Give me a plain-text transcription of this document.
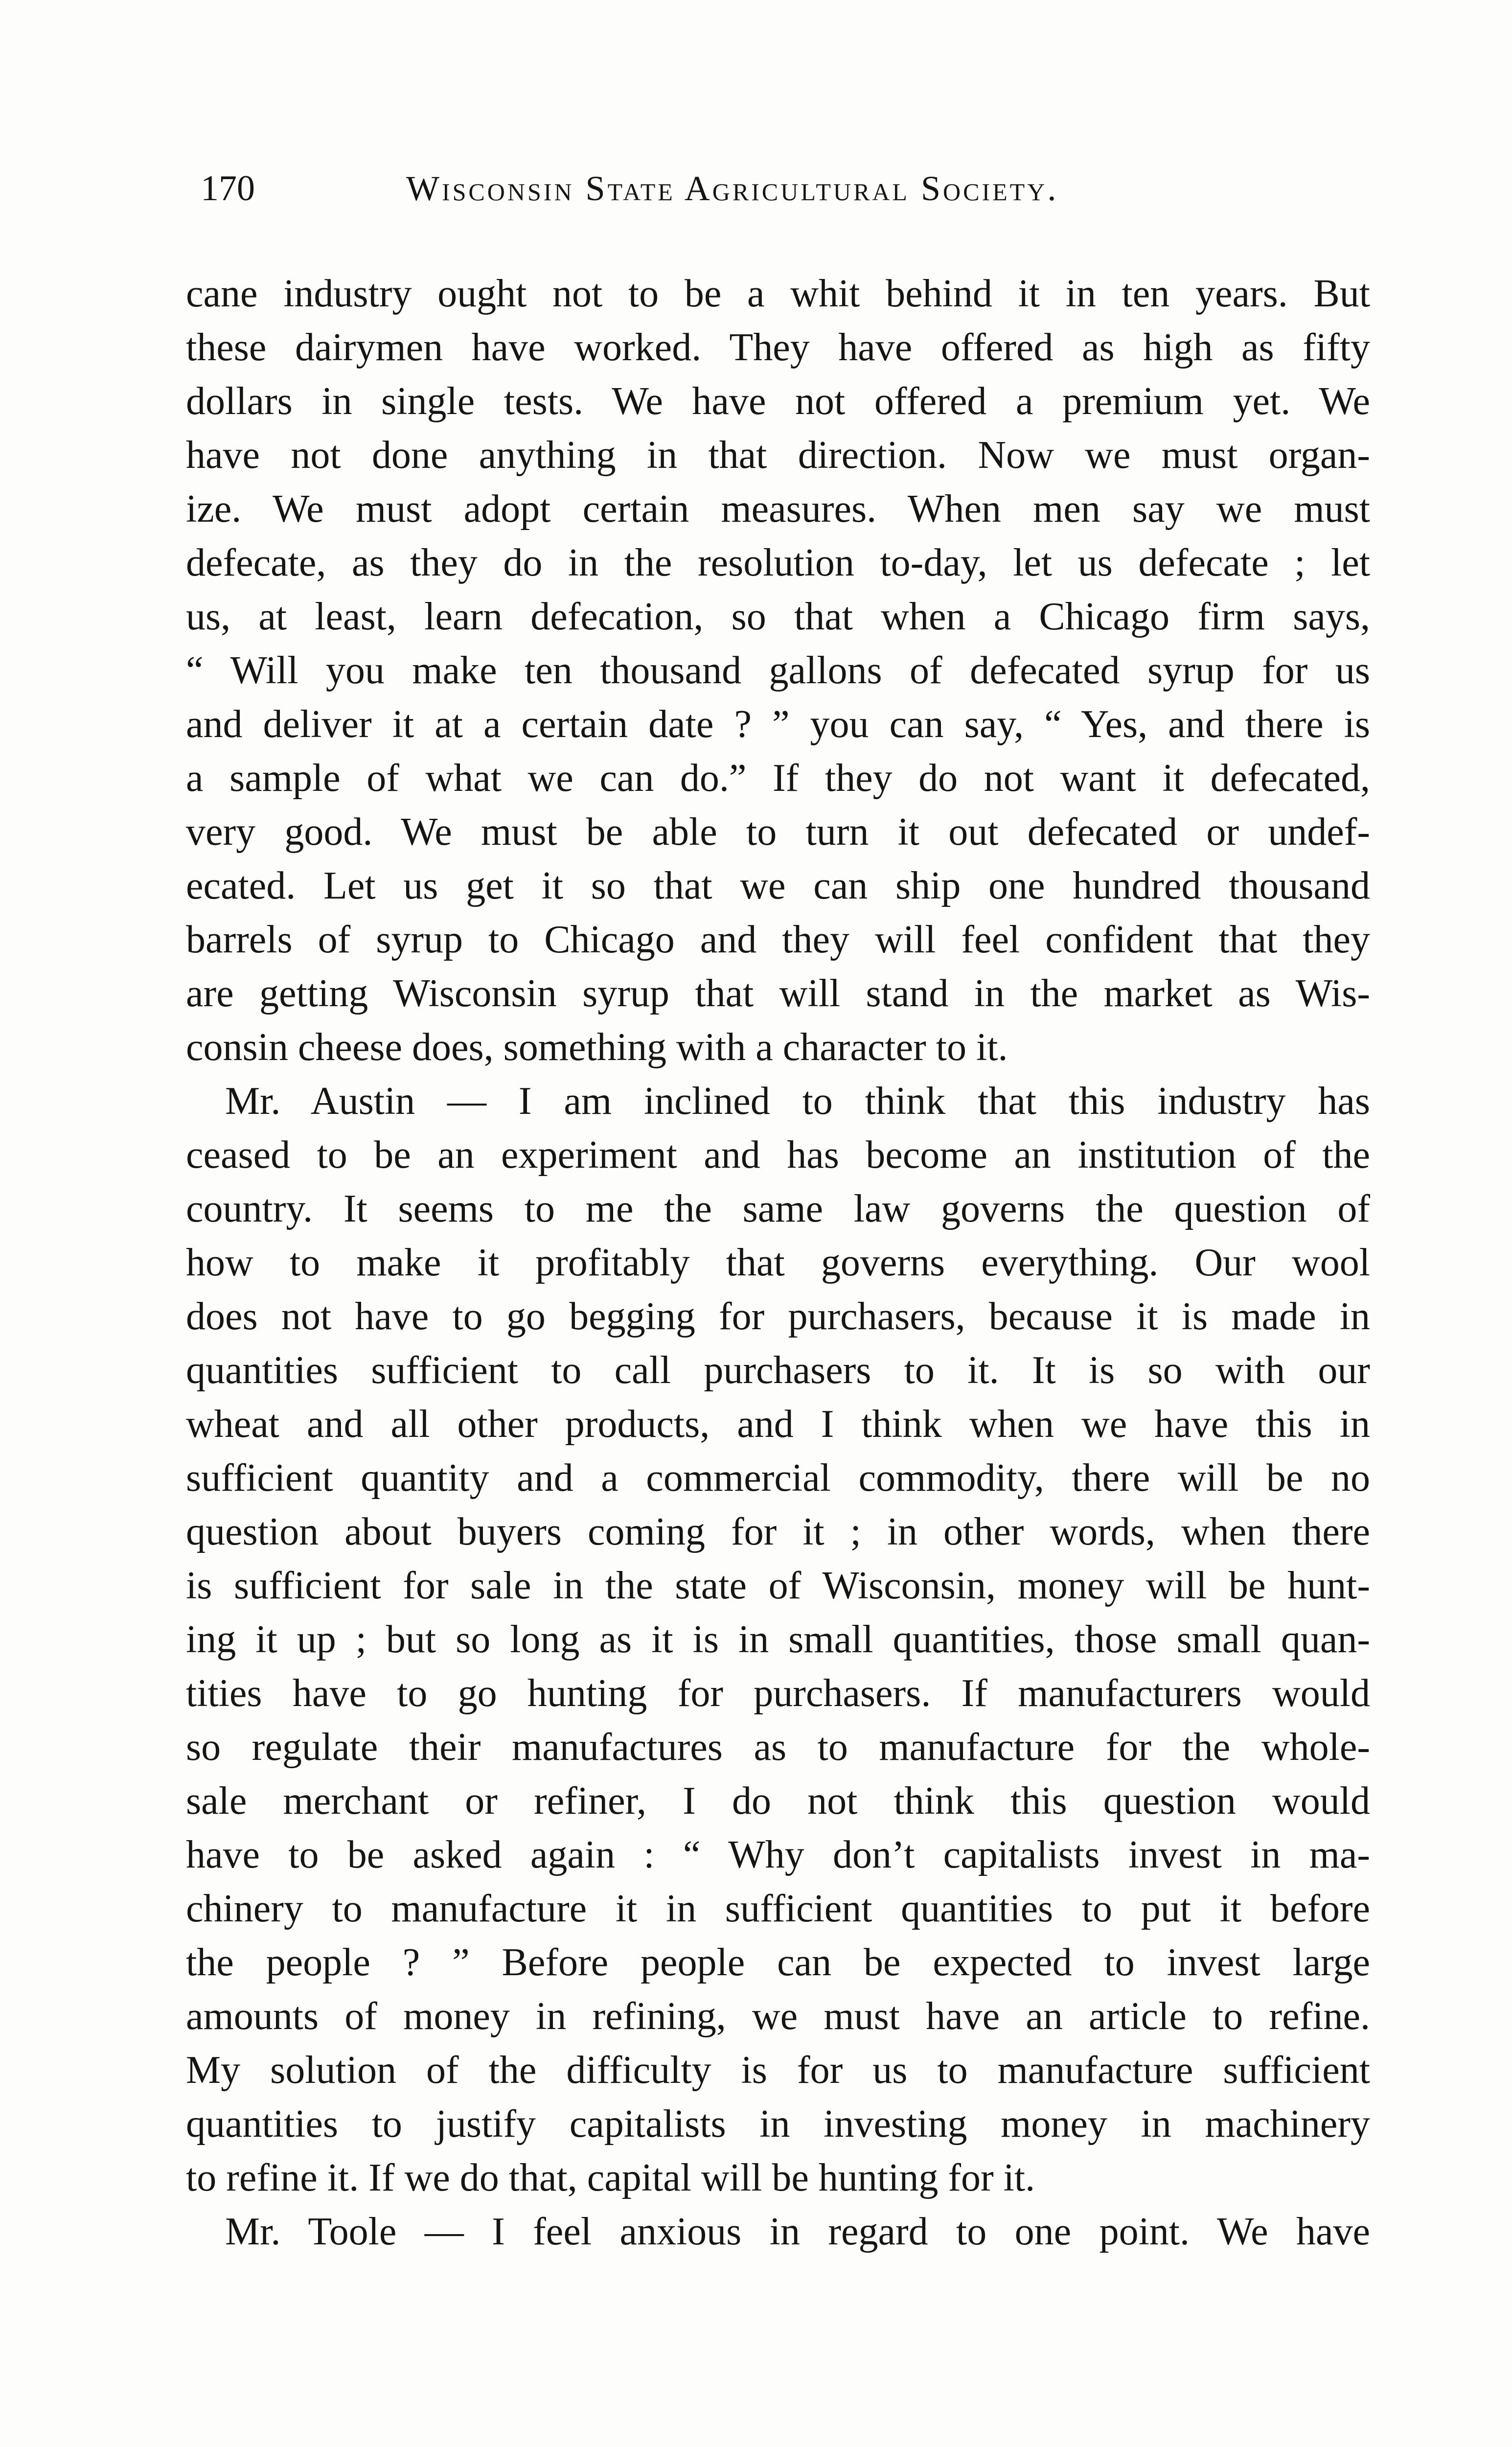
170	Wisconsin State Agricultural Society.
cane industry ought not to be a whit behind it in ten years. But
these dairymen have worked. They have offered as high as fifty
dollars in single tests. We have not offered a premium yet. We
have not done anything in that direction. Now we must organ-
ize. We must adopt certain measures. When men say we must
defecate, as they do in the resolution to-day, let us defecate ; let
us, at least, learn defecation, so that when a Chicago firm says,
“ Will you make ten thousand gallons of defecated syrup for us
and deliver it at a certain date ? ” you can say, “ Yes, and there is
a sample of what we can do.” If they do not want it defecated,
very good. We must be able to turn it out defecated or undef-
ecated. Let us get it so that we can ship one hundred thousand
barrels of syrup to Chicago and they will feel confident that they
are getting Wisconsin syrup that will stand in the market as Wis-
consin cheese does, something with a character to it.
Mr. Austin — I am inclined to think that this industry has
ceased to be an experiment and has become an institution of the
country. It seems to me the same law governs the question of
how to make it profitably that governs everything. Our wool
does not have to go begging for purchasers, because it is made in
quantities sufficient to call purchasers to it. It is so with our
wheat and all other products, and I think when we have this in
sufficient quantity and a commercial commodity, there will be no
question about buyers coming for it ; in other words, when there
is sufficient for sale in the state of Wisconsin, money will be hunt-
ing it up ; but so long as it is in small quantities, those small quan-
tities have to go hunting for purchasers. If manufacturers would
so regulate their manufactures as to manufacture for the whole-
sale merchant or refiner, I do not think this question would
have to be asked again : “ Why don’t capitalists invest in ma-
chinery to manufacture it in sufficient quantities to put it before
the people ? ” Before people can be expected to invest large
amounts of money in refining, we must have an article to refine.
My solution of the difficulty is for us to manufacture sufficient
quantities to justify capitalists in investing money in machinery
to refine it. If we do that, capital will be hunting for it.
Mr. Toole — I feel anxious in regard to one point. We have
